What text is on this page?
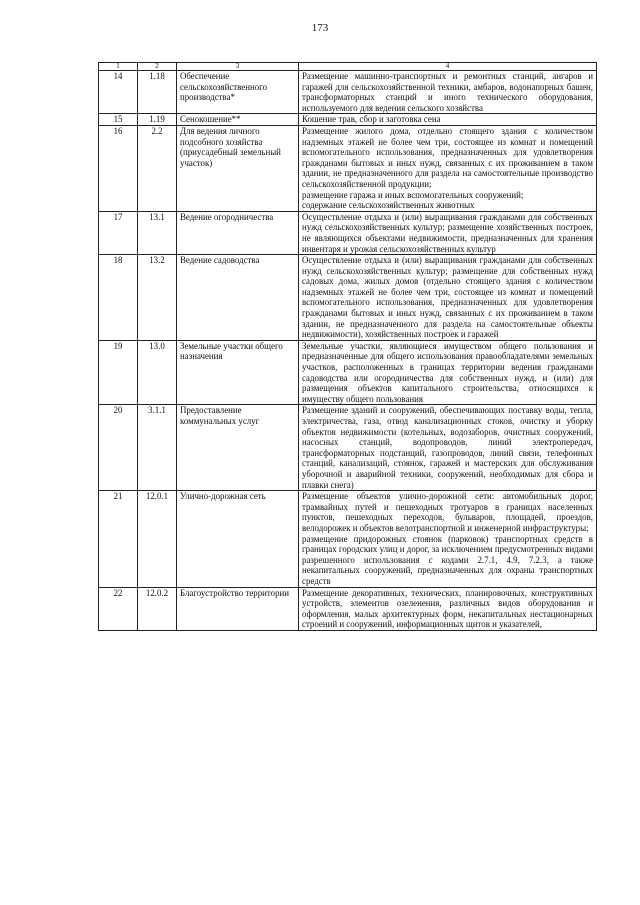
173
1	2	3	4
14	1.18	Обеспечение сельскохозяйственного производства*	Размещение машинно-транспортных и ремонтных станций, ангаров и гаражей для сельскохозяйственной техники, амбаров, водонапорных башен, трансформаторных станций и иного технического оборудования, используемого для ведения сельского хозяйства

15	1.19	Сенокошение**	Кошение трав, сбор и заготовка сена

16	2.2	Для ведения личного подсобного хозяйства (приусадебный земельный участок)	Размещение жилого дома, отдельно стоящего здания с количеством надземных этажей не более чем три, состоящее из комнат и помещений вспомогательного использования, предназначенных для удовлетворения гражданами бытовых и иных нужд, связанных с их проживанием в таком здании, не предназначенного для раздела на самостоятельные производство сельскохозяйственной продукции;
размещение гаража и иных вспомогательных сооружений;
содержание сельскохозяйственных животных

17	13.1	Ведение огородничества	Осуществление отдыха и (или) выращивания гражданами для собственных нужд сельскохозяйственных культур; размещение хозяйственных построек, не являющихся объектами недвижимости, предназначенных для хранения инвентаря и урожая сельскохозяйственных культур

18	13.2	Ведение садоводства	Осуществление отдыха и (или) выращивания гражданами для собственных нужд сельскохозяйственных культур; размещение для собственных нужд садовых дома, жилых домов (отдельно стоящего здания с количеством надземных этажей не более чем три, состоящее из комнат и помещений вспомогательного использования, предназначенных для удовлетворения гражданами бытовых и иных нужд, связанных с их проживанием в таком здании, не предназначенного для раздела на самостоятельные объекты недвижимости), хозяйственных построек и гаражей

19	13.0	Земельные участки общего назначения	Земельные участки, являющиеся имуществом общего пользования и предназначенные для общего использования правообладателями земельных участков, расположенных в границах территории ведения гражданами садоводства или огородничества для собственных нужд, и (или) для размещения объектов капитального строительства, относящихся к имуществу общего пользования

20	3.1.1	Предоставление коммунальных услуг	Размещение зданий и сооружений, обеспечивающих поставку воды, тепла, электричества, газа, отвод канализационных стоков, очистку и уборку объектов недвижимости (котельных, водозаборов, очистных сооружений, насосных станций, водопроводов, линий электропередач, трансформаторных подстанций, газопроводов, линий связи, телефонных станций, канализаций, стоянок, гаражей и мастерских для обслуживания уборочной и аварийной техники, сооружений, необходимых для сбора и плавки снега)

21	12.0.1	Улично-дорожная сеть	Размещение объектов улично-дорожной сети: автомобильных дорог, трамвайных путей и пешеходных тротуаров в границах населенных пунктов, пешеходных переходов, бульваров, площадей, проездов, велодорожек и объектов велотранспортной и инженерной инфраструктуры;
размещение придорожных стоянок (парковок) транспортных средств в границах городских улиц и дорог, за исключением предусмотренных видами разрешенного использования с кодами 2.7.1, 4.9, 7.2.3, а также некапитальных сооружений, предназначенных для охраны транспортных средств

22	12.0.2	Благоустройство территории	Размещение декоративных, технических, планировочных, конструктивных устройств, элементов озеленения, различных видов оборудования и оформления, малых архитектурных форм, некапитальных нестационарных строений и сооружений, информационных щитов и указателей,
